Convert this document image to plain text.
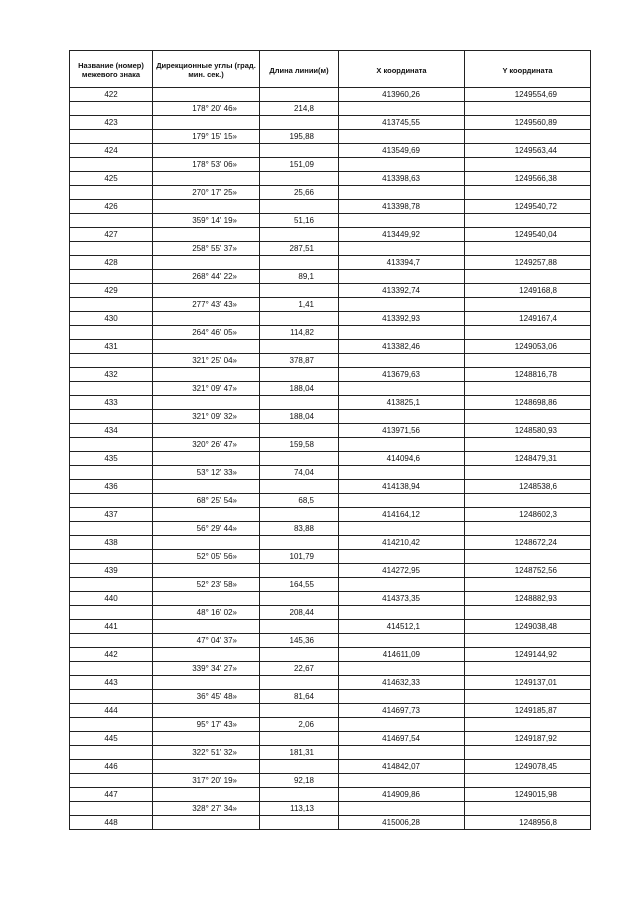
Название (номер) межевого знака	Дирекционные углы (град. мин. сек.)	Длина линии(м)	X координата	Y координата
422			413960,26	1249554,69
	178° 20' 46»	214,8		
423			413745,55	1249560,89
	179° 15' 15»	195,88		
424			413549,69	1249563,44
	178° 53' 06»	151,09		
425			413398,63	1249566,38
	270° 17' 25»	25,66		
426			413398,78	1249540,72
	359° 14' 19»	51,16		
427			413449,92	1249540,04
	258° 55' 37»	287,51		
428			413394,7	1249257,88
	268° 44' 22»	89,1		
429			413392,74	1249168,8
	277° 43' 43»	1,41		
430			413392,93	1249167,4
	264° 46' 05»	114,82		
431			413382,46	1249053,06
	321° 25' 04»	378,87		
432			413679,63	1248816,78
	321° 09' 47»	188,04		
433			413825,1	1248698,86
	321° 09' 32»	188,04		
434			413971,56	1248580,93
	320° 26' 47»	159,58		
435			414094,6	1248479,31
	53° 12' 33»	74,04		
436			414138,94	1248538,6
	68° 25' 54»	68,5		
437			414164,12	1248602,3
	56° 29' 44»	83,88		
438			414210,42	1248672,24
	52° 05' 56»	101,79		
439			414272,95	1248752,56
	52° 23' 58»	164,55		
440			414373,35	1248882,93
	48° 16' 02»	208,44		
441			414512,1	1249038,48
	47° 04' 37»	145,36		
442			414611,09	1249144,92
	339° 34' 27»	22,67		
443			414632,33	1249137,01
	36° 45' 48»	81,64		
444			414697,73	1249185,87
	95° 17' 43»	2,06		
445			414697,54	1249187,92
	322° 51' 32»	181,31		
446			414842,07	1249078,45
	317° 20' 19»	92,18		
447			414909,86	1249015,98
	328° 27' 34»	113,13		
448			415006,28	1248956,8
